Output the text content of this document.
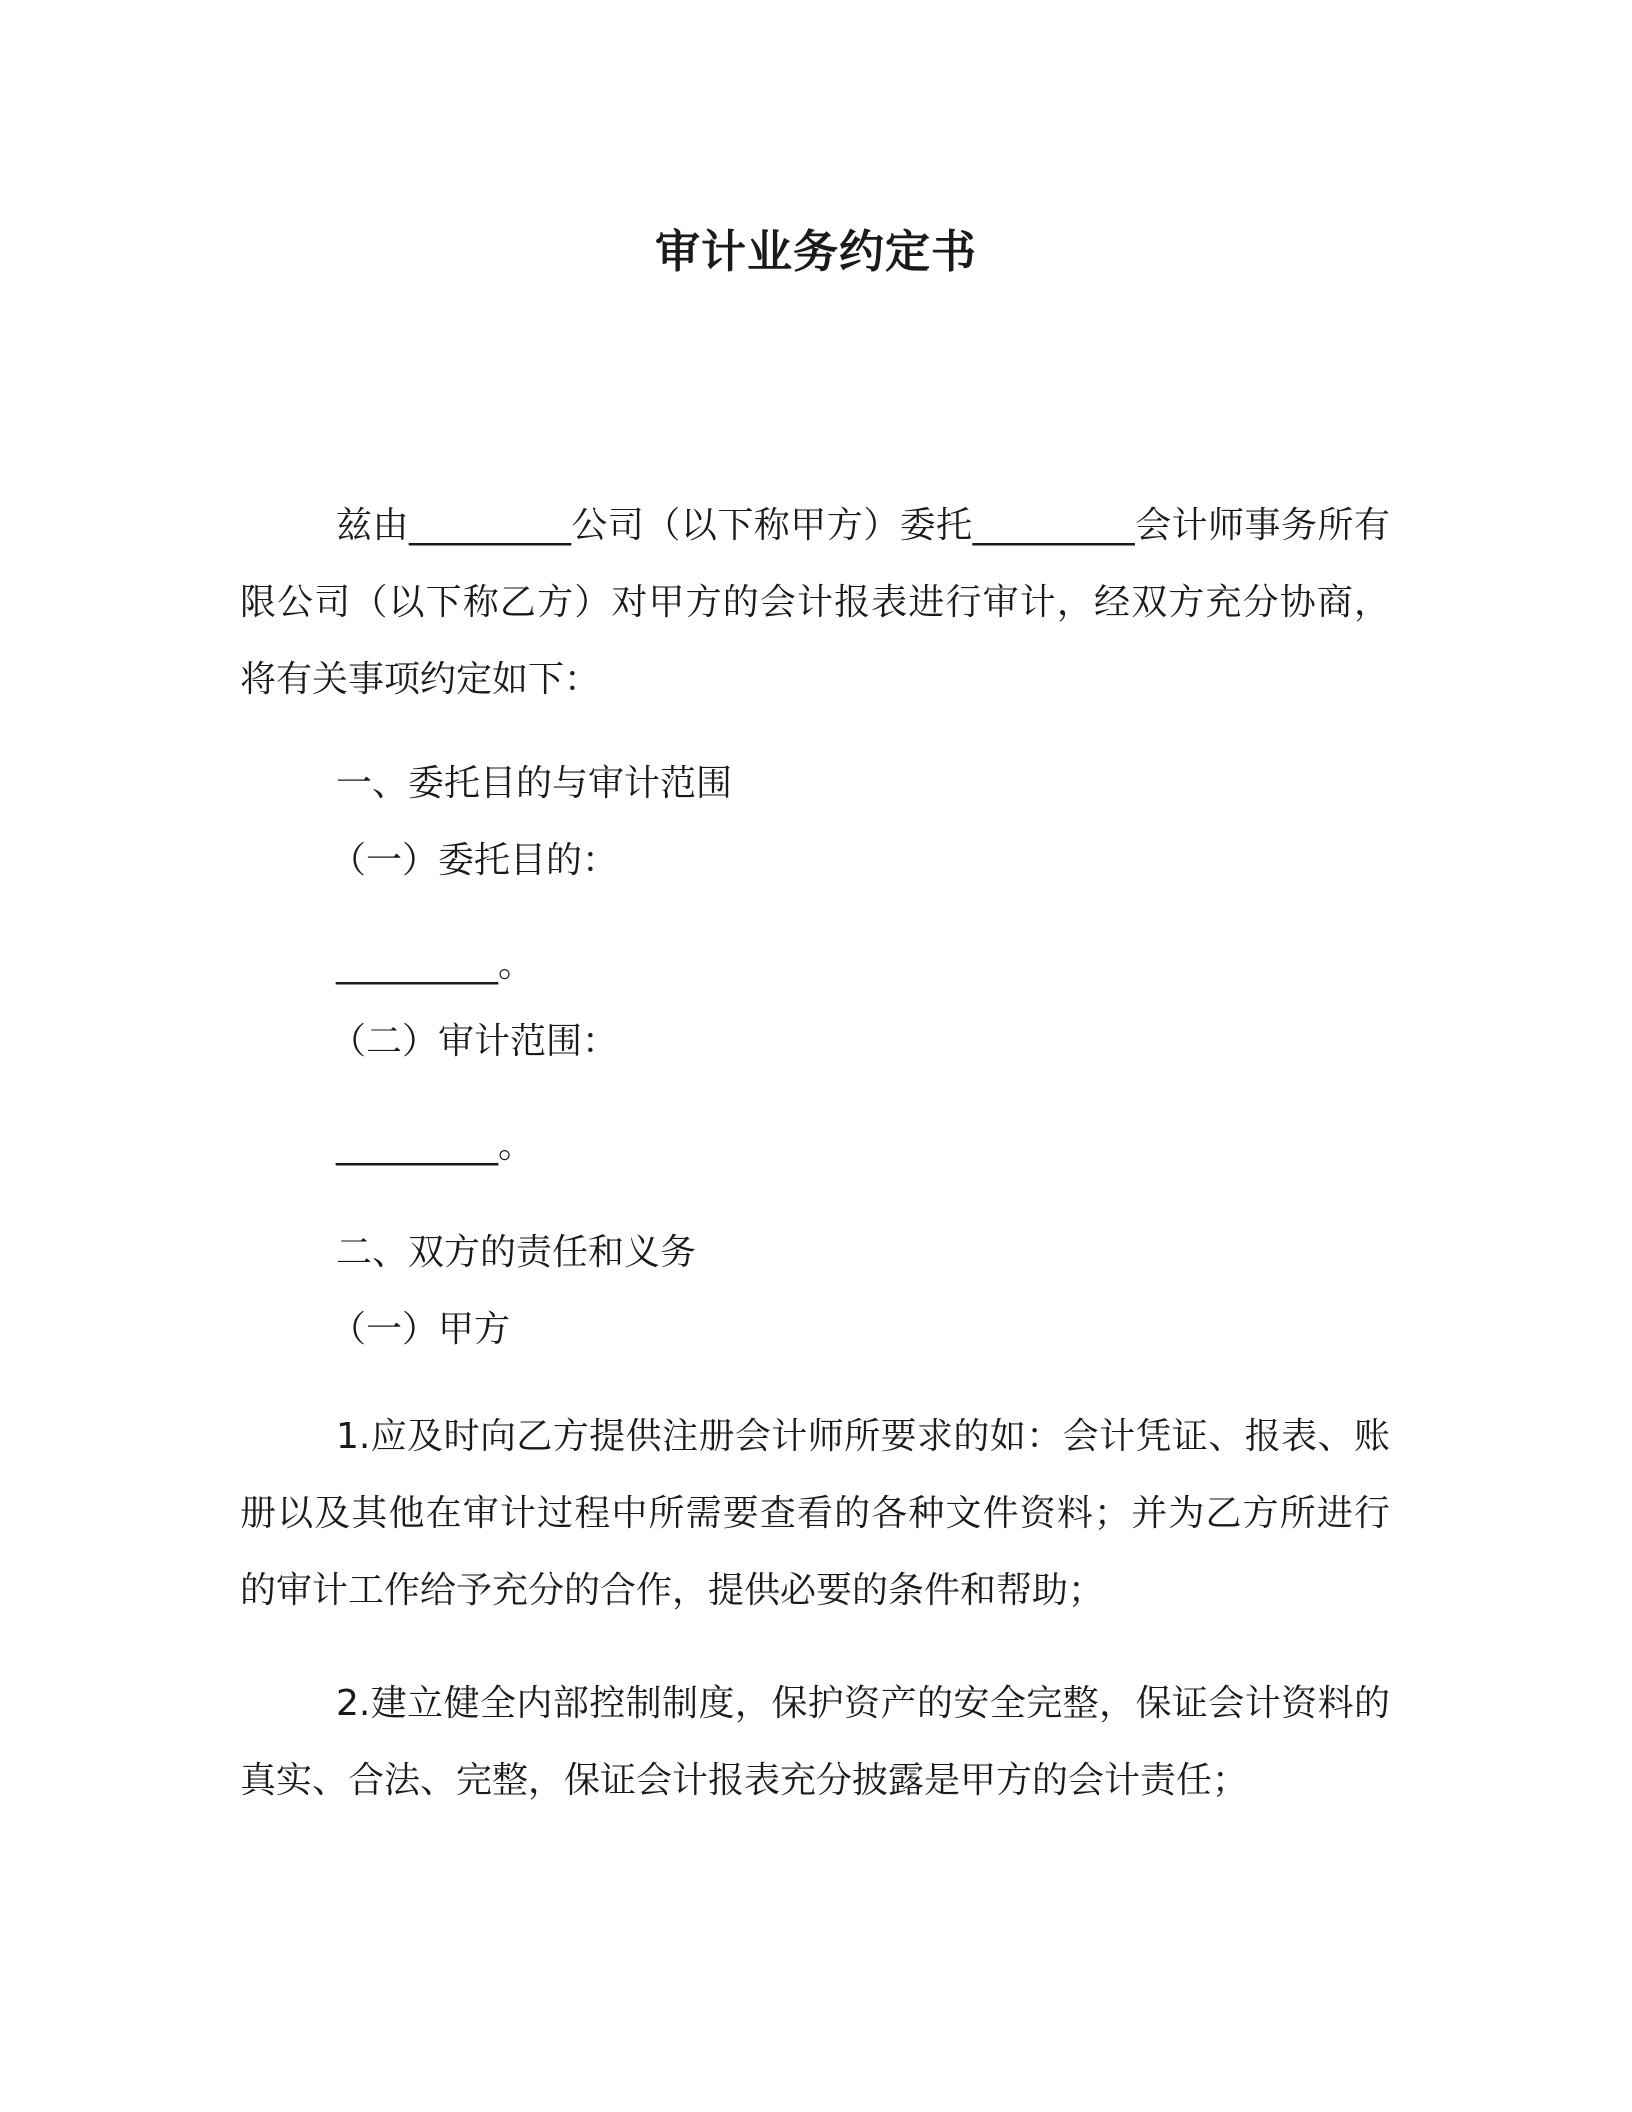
审计业务约定书

兹由_________公司（以下称甲方）委托_________会计师事务所有限公司（以下称乙方）对甲方的会计报表进行审计，经双方充分协商，将有关事项约定如下：

一、委托目的与审计范围

（一）委托目的：

_________。

（二）审计范围：

_________。

二、双方的责任和义务

（一）甲方

1.应及时向乙方提供注册会计师所要求的如：会计凭证、报表、账册以及其他在审计过程中所需要查看的各种文件资料；并为乙方所进行的审计工作给予充分的合作，提供必要的条件和帮助；

2.建立健全内部控制制度，保护资产的安全完整，保证会计资料的真实、合法、完整，保证会计报表充分披露是甲方的会计责任；
